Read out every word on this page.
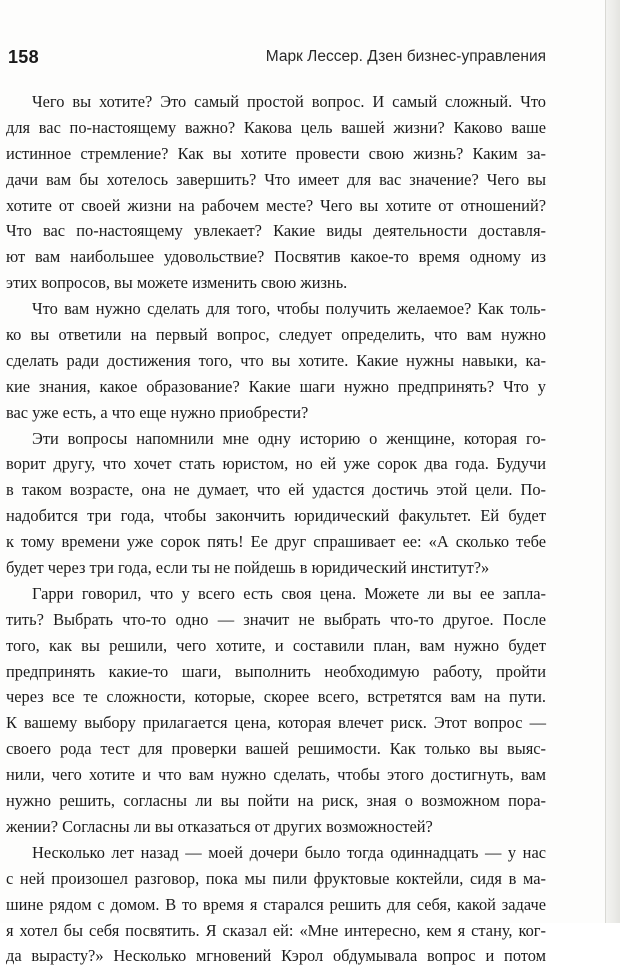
158	Марк Лессер. Дзен бизнес-управления
Чего вы хотите? Это самый простой вопрос. И самый сложный. Что
для вас по-настоящему важно? Какова цель вашей жизни? Каково ваше
истинное стремление? Как вы хотите провести свою жизнь? Каким за-
дачи вам бы хотелось завершить? Что имеет для вас значение? Чего вы
хотите от своей жизни на рабочем месте? Чего вы хотите от отношений?
Что вас по-настоящему увлекает? Какие виды деятельности доставля-
ют вам наибольшее удовольствие? Посвятив какое-то время одному из
этих вопросов, вы можете изменить свою жизнь.
Что вам нужно сделать для того, чтобы получить желаемое? Как толь-
ко вы ответили на первый вопрос, следует определить, что вам нужно
сделать ради достижения того, что вы хотите. Какие нужны навыки, ка-
кие знания, какое образование? Какие шаги нужно предпринять? Что у
вас уже есть, а что еще нужно приобрести?
Эти вопросы напомнили мне одну историю о женщине, которая го-
ворит другу, что хочет стать юристом, но ей уже сорок два года. Будучи
в таком возрасте, она не думает, что ей удастся достичь этой цели. По-
надобится три года, чтобы закончить юридический факультет. Ей будет
к тому времени уже сорок пять! Ее друг спрашивает ее: «А сколько тебе
будет через три года, если ты не пойдешь в юридический институт?»
Гарри говорил, что у всего есть своя цена. Можете ли вы ее запла-
тить? Выбрать что-то одно — значит не выбрать что-то другое. После
того, как вы решили, чего хотите, и составили план, вам нужно будет
предпринять какие-то шаги, выполнить необходимую работу, пройти
через все те сложности, которые, скорее всего, встретятся вам на пути.
К вашему выбору прилагается цена, которая влечет риск. Этот вопрос —
своего рода тест для проверки вашей решимости. Как только вы выяс-
нили, чего хотите и что вам нужно сделать, чтобы этого достигнуть, вам
нужно решить, согласны ли вы пойти на риск, зная о возможном пора-
жении? Согласны ли вы отказаться от других возможностей?
Несколько лет назад — моей дочери было тогда одиннадцать — у нас
с ней произошел разговор, пока мы пили фруктовые коктейли, сидя в ма-
шине рядом с домом. В то время я старался решить для себя, какой задаче
я хотел бы себя посвятить. Я сказал ей: «Мне интересно, кем я стану, ког-
да вырасту?» Несколько мгновений Кэрол обдумывала вопрос и потом
